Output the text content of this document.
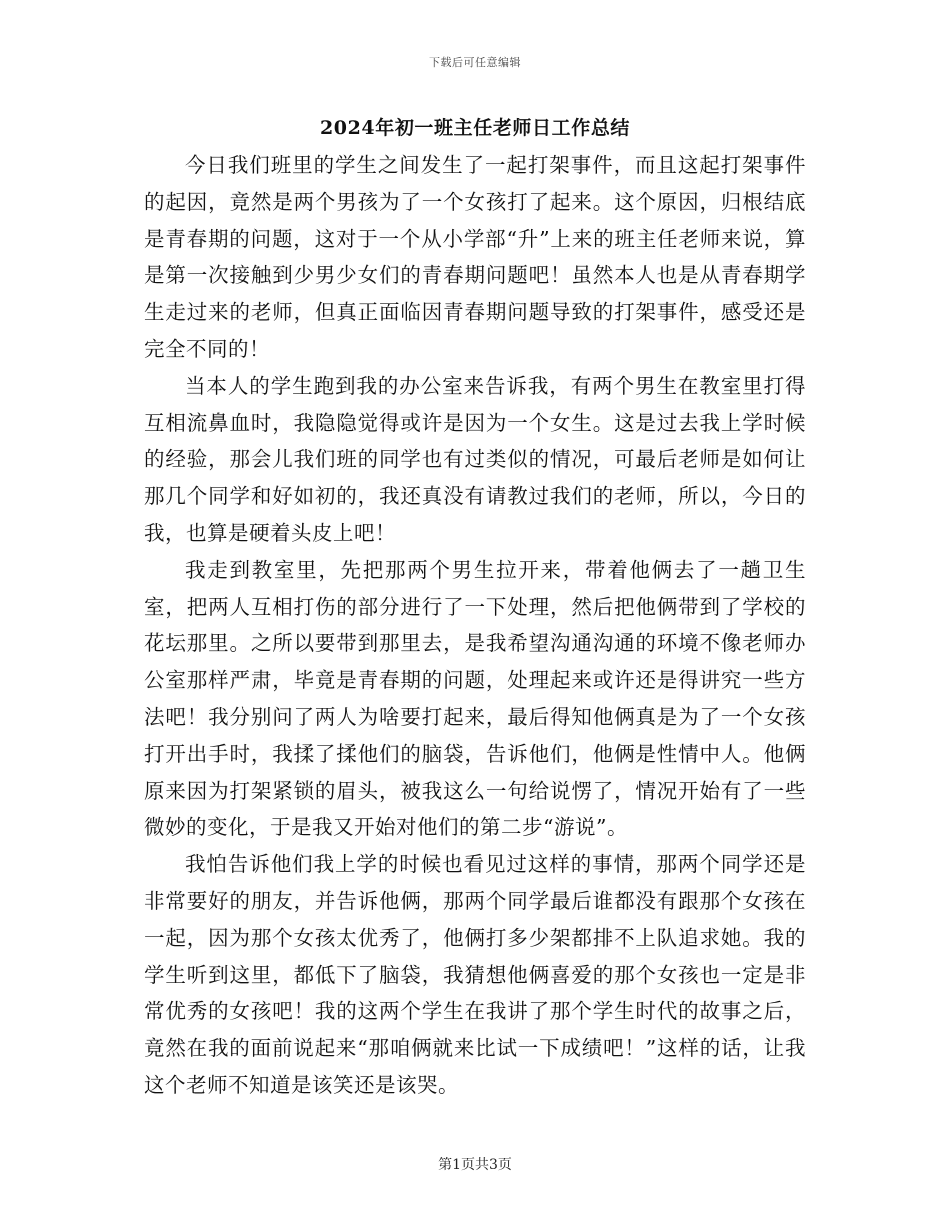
下载后可任意编辑
2024年初一班主任老师日工作总结

今日我们班里的学生之间发生了一起打架事件，而且这起打架事件的起因，竟然是两个男孩为了一个女孩打了起来。这个原因，归根结底是青春期的问题，这对于一个从小学部“升”上来的班主任老师来说，算是第一次接触到少男少女们的青春期问题吧！虽然本人也是从青春期学生走过来的老师，但真正面临因青春期问题导致的打架事件，感受还是完全不同的！

当本人的学生跑到我的办公室来告诉我，有两个男生在教室里打得互相流鼻血时，我隐隐觉得或许是因为一个女生。这是过去我上学时候的经验，那会儿我们班的同学也有过类似的情况，可最后老师是如何让那几个同学和好如初的，我还真没有请教过我们的老师，所以，今日的我，也算是硬着头皮上吧！

我走到教室里，先把那两个男生拉开来，带着他俩去了一趟卫生室，把两人互相打伤的部分进行了一下处理，然后把他俩带到了学校的花坛那里。之所以要带到那里去，是我希望沟通沟通的环境不像老师办公室那样严肃，毕竟是青春期的问题，处理起来或许还是得讲究一些方法吧！我分别问了两人为啥要打起来，最后得知他俩真是为了一个女孩打开出手时，我揉了揉他们的脑袋，告诉他们，他俩是性情中人。他俩原来因为打架紧锁的眉头，被我这么一句给说愣了，情况开始有了一些微妙的变化，于是我又开始对他们的第二步“游说”。

我怕告诉他们我上学的时候也看见过这样的事情，那两个同学还是非常要好的朋友，并告诉他俩，那两个同学最后谁都没有跟那个女孩在一起，因为那个女孩太优秀了，他俩打多少架都排不上队追求她。我的学生听到这里，都低下了脑袋，我猜想他俩喜爱的那个女孩也一定是非常优秀的女孩吧！我的这两个学生在我讲了那个学生时代的故事之后，竟然在我的面前说起来“那咱俩就来比试一下成绩吧！”这样的话，让我这个老师不知道是该笑还是该哭。

第1页共3页
